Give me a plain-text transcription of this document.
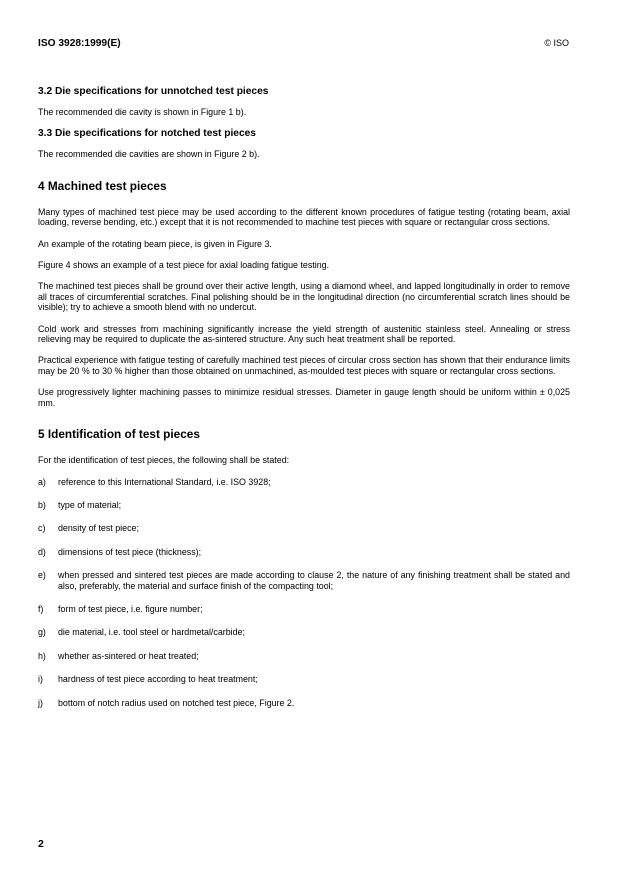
ISO 3928:1999(E)	© ISO
3.2 Die specifications for unnotched test pieces

The recommended die cavity is shown in Figure 1 b).

3.3 Die specifications for notched test pieces

The recommended die cavities are shown in Figure 2 b).

4 Machined test pieces

Many types of machined test piece may be used according to the different known procedures of fatigue testing (rotating beam, axial loading, reverse bending, etc.) except that it is not recommended to machine test pieces with square or rectangular cross sections.

An example of the rotating beam piece, is given in Figure 3.

Figure 4 shows an example of a test piece for axial loading fatigue testing.

The machined test pieces shall be ground over their active length, using a diamond wheel, and lapped longitudinally in order to remove all traces of circumferential scratches. Final polishing should be in the longitudinal direction (no circumferential scratch lines should be visible); try to achieve a smooth blend with no undercut.

Cold work and stresses from machining significantly increase the yield strength of austenitic stainless steel. Annealing or stress relieving may be required to duplicate the as-sintered structure. Any such heat treatment shall be reported.

Practical experience with fatigue testing of carefully machined test pieces of circular cross section has shown that their endurance limits may be 20 % to 30 % higher than those obtained on unmachined, as-moulded test pieces with square or rectangular cross sections.

Use progressively lighter machining passes to minimize residual stresses. Diameter in gauge length should be uniform within ± 0,025 mm.

5 Identification of test pieces

For the identification of test pieces, the following shall be stated:

a)	reference to this International Standard, i.e. ISO 3928;
b)	type of material;
c)	density of test piece;
d)	dimensions of test piece (thickness);
e)	when pressed and sintered test pieces are made according to clause 2, the nature of any finishing treatment shall be stated and also, preferably, the material and surface finish of the compacting tool;
f)	form of test piece, i.e. figure number;
g)	die material, i.e. tool steel or hardmetal/carbide;
h)	whether as-sintered or heat treated;
i)	hardness of test piece according to heat treatment;
j)	bottom of notch radius used on notched test piece, Figure 2.
2
